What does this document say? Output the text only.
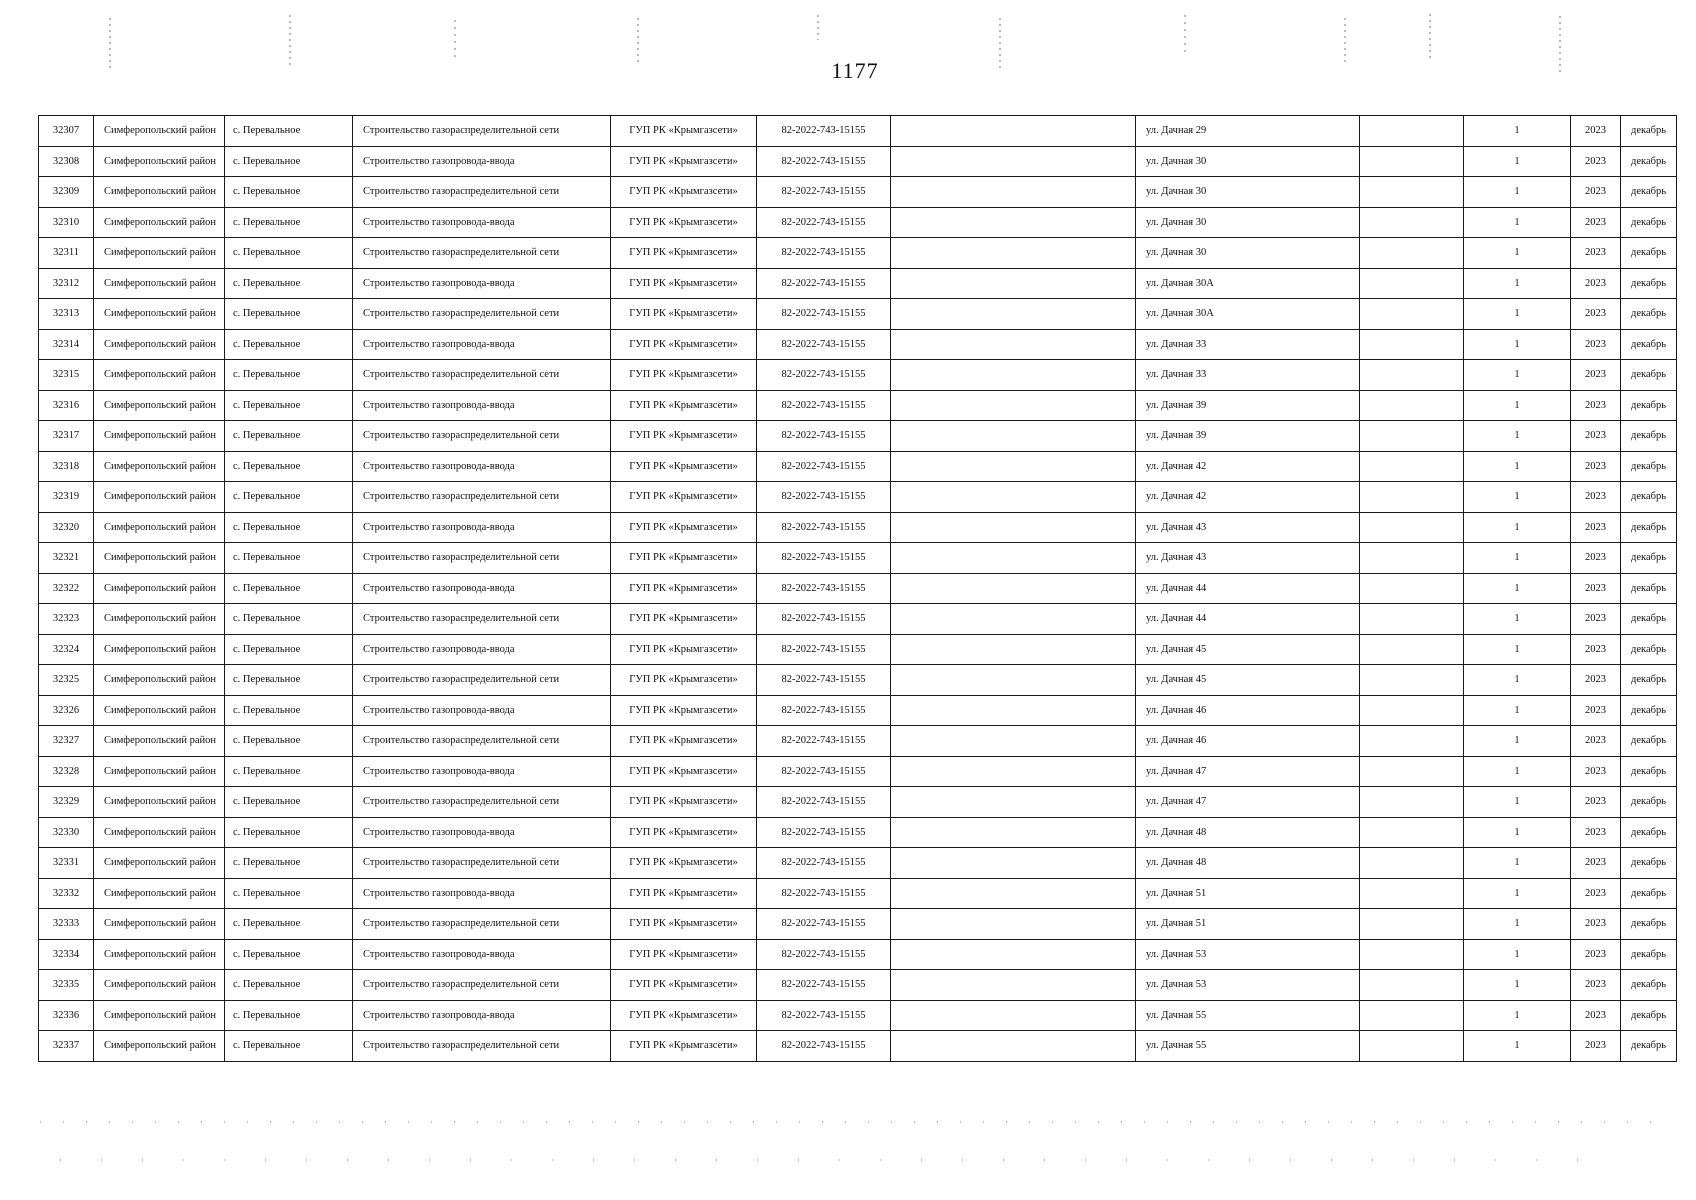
1177
32307	Симферопольский район	с. Перевальное	Строительство газораспределительной сети	ГУП РК «Крымгазсети»	82-2022-743-15155		ул. Дачная 29		1	2023	декабрь
32308	Симферопольский район	с. Перевальное	Строительство газопровода-ввода	ГУП РК «Крымгазсети»	82-2022-743-15155		ул. Дачная 30		1	2023	декабрь
32309	Симферопольский район	с. Перевальное	Строительство газораспределительной сети	ГУП РК «Крымгазсети»	82-2022-743-15155		ул. Дачная 30		1	2023	декабрь
32310	Симферопольский район	с. Перевальное	Строительство газопровода-ввода	ГУП РК «Крымгазсети»	82-2022-743-15155		ул. Дачная 30		1	2023	декабрь
32311	Симферопольский район	с. Перевальное	Строительство газораспределительной сети	ГУП РК «Крымгазсети»	82-2022-743-15155		ул. Дачная 30		1	2023	декабрь
32312	Симферопольский район	с. Перевальное	Строительство газопровода-ввода	ГУП РК «Крымгазсети»	82-2022-743-15155		ул. Дачная 30А		1	2023	декабрь
32313	Симферопольский район	с. Перевальное	Строительство газораспределительной сети	ГУП РК «Крымгазсети»	82-2022-743-15155		ул. Дачная 30А		1	2023	декабрь
32314	Симферопольский район	с. Перевальное	Строительство газопровода-ввода	ГУП РК «Крымгазсети»	82-2022-743-15155		ул. Дачная 33		1	2023	декабрь
32315	Симферопольский район	с. Перевальное	Строительство газораспределительной сети	ГУП РК «Крымгазсети»	82-2022-743-15155		ул. Дачная 33		1	2023	декабрь
32316	Симферопольский район	с. Перевальное	Строительство газопровода-ввода	ГУП РК «Крымгазсети»	82-2022-743-15155		ул. Дачная 39		1	2023	декабрь
32317	Симферопольский район	с. Перевальное	Строительство газораспределительной сети	ГУП РК «Крымгазсети»	82-2022-743-15155		ул. Дачная 39		1	2023	декабрь
32318	Симферопольский район	с. Перевальное	Строительство газопровода-ввода	ГУП РК «Крымгазсети»	82-2022-743-15155		ул. Дачная 42		1	2023	декабрь
32319	Симферопольский район	с. Перевальное	Строительство газораспределительной сети	ГУП РК «Крымгазсети»	82-2022-743-15155		ул. Дачная 42		1	2023	декабрь
32320	Симферопольский район	с. Перевальное	Строительство газопровода-ввода	ГУП РК «Крымгазсети»	82-2022-743-15155		ул. Дачная 43		1	2023	декабрь
32321	Симферопольский район	с. Перевальное	Строительство газораспределительной сети	ГУП РК «Крымгазсети»	82-2022-743-15155		ул. Дачная 43		1	2023	декабрь
32322	Симферопольский район	с. Перевальное	Строительство газопровода-ввода	ГУП РК «Крымгазсети»	82-2022-743-15155		ул. Дачная 44		1	2023	декабрь
32323	Симферопольский район	с. Перевальное	Строительство газораспределительной сети	ГУП РК «Крымгазсети»	82-2022-743-15155		ул. Дачная 44		1	2023	декабрь
32324	Симферопольский район	с. Перевальное	Строительство газопровода-ввода	ГУП РК «Крымгазсети»	82-2022-743-15155		ул. Дачная 45		1	2023	декабрь
32325	Симферопольский район	с. Перевальное	Строительство газораспределительной сети	ГУП РК «Крымгазсети»	82-2022-743-15155		ул. Дачная 45		1	2023	декабрь
32326	Симферопольский район	с. Перевальное	Строительство газопровода-ввода	ГУП РК «Крымгазсети»	82-2022-743-15155		ул. Дачная 46		1	2023	декабрь
32327	Симферопольский район	с. Перевальное	Строительство газораспределительной сети	ГУП РК «Крымгазсети»	82-2022-743-15155		ул. Дачная 46		1	2023	декабрь
32328	Симферопольский район	с. Перевальное	Строительство газопровода-ввода	ГУП РК «Крымгазсети»	82-2022-743-15155		ул. Дачная 47		1	2023	декабрь
32329	Симферопольский район	с. Перевальное	Строительство газораспределительной сети	ГУП РК «Крымгазсети»	82-2022-743-15155		ул. Дачная 47		1	2023	декабрь
32330	Симферопольский район	с. Перевальное	Строительство газопровода-ввода	ГУП РК «Крымгазсети»	82-2022-743-15155		ул. Дачная 48		1	2023	декабрь
32331	Симферопольский район	с. Перевальное	Строительство газораспределительной сети	ГУП РК «Крымгазсети»	82-2022-743-15155		ул. Дачная 48		1	2023	декабрь
32332	Симферопольский район	с. Перевальное	Строительство газопровода-ввода	ГУП РК «Крымгазсети»	82-2022-743-15155		ул. Дачная 51		1	2023	декабрь
32333	Симферопольский район	с. Перевальное	Строительство газораспределительной сети	ГУП РК «Крымгазсети»	82-2022-743-15155		ул. Дачная 51		1	2023	декабрь
32334	Симферопольский район	с. Перевальное	Строительство газопровода-ввода	ГУП РК «Крымгазсети»	82-2022-743-15155		ул. Дачная 53		1	2023	декабрь
32335	Симферопольский район	с. Перевальное	Строительство газораспределительной сети	ГУП РК «Крымгазсети»	82-2022-743-15155		ул. Дачная 53		1	2023	декабрь
32336	Симферопольский район	с. Перевальное	Строительство газопровода-ввода	ГУП РК «Крымгазсети»	82-2022-743-15155		ул. Дачная 55		1	2023	декабрь
32337	Симферопольский район	с. Перевальное	Строительство газораспределительной сети	ГУП РК «Крымгазсети»	82-2022-743-15155		ул. Дачная 55		1	2023	декабрь
